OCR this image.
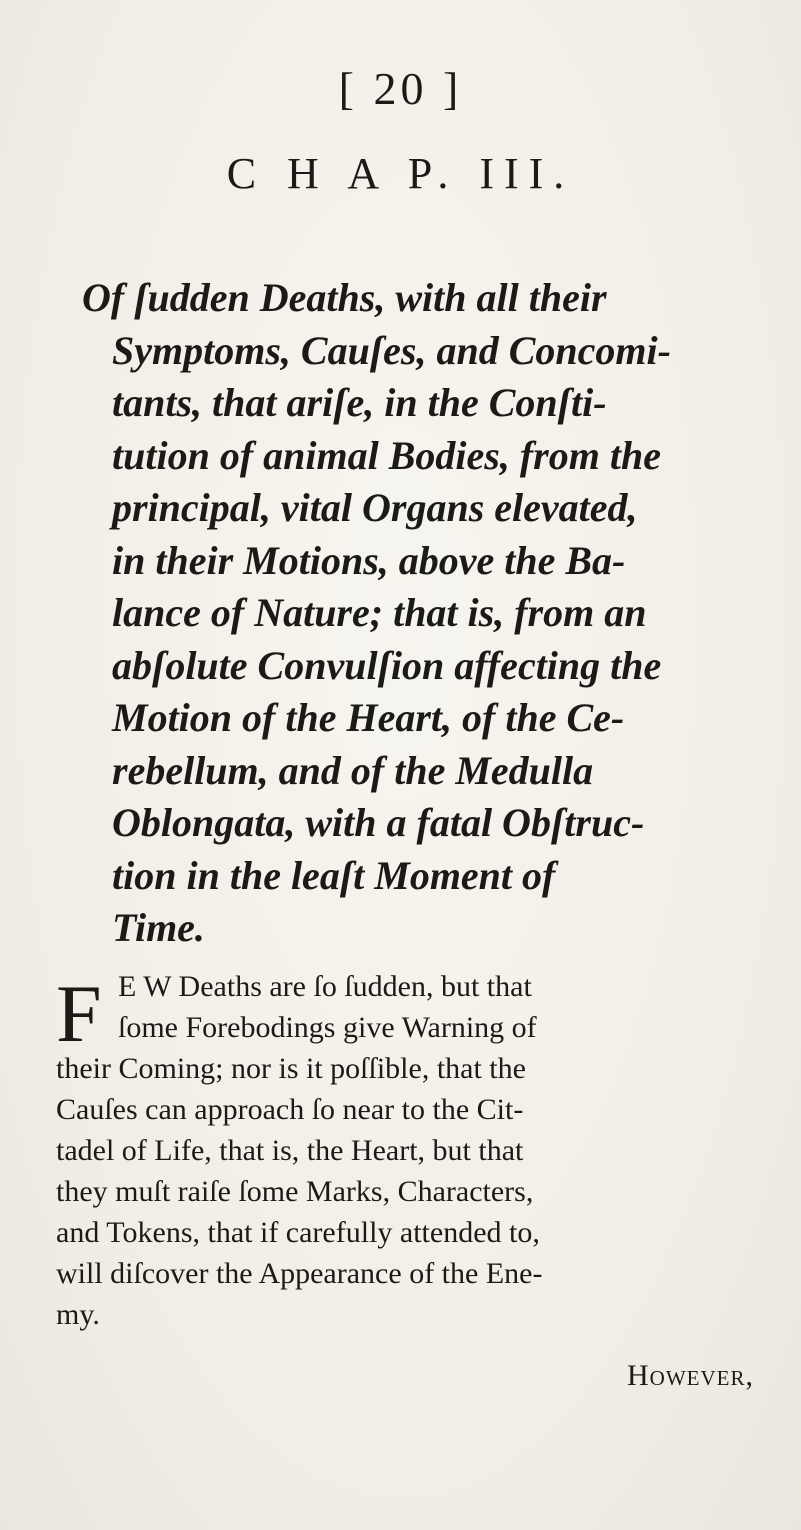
[ 20 ]
C H A P. III.
Of ſudden Deaths, with all their
Symptoms, Cauſes, and Concomi-
tants, that ariſe, in the Conſti-
tution of animal Bodies, from the
principal, vital Organs elevated,
in their Motions, above the Ba-
lance of Nature; that is, from an
abſolute Convulſion affecting the
Motion of the Heart, of the Ce-
rebellum, and of the Medulla
Oblongata, with a fatal Obſtruc-
tion in the leaſt Moment of
Time.
F E W Deaths are ſo ſudden, but that
ſome Forebodings give Warning of
their Coming; nor is it poſſible, that the
Cauſes can approach ſo near to the Cit-
tadel of Life, that is, the Heart, but that
they muſt raiſe ſome Marks, Characters,
and Tokens, that if carefully attended to,
will diſcover the Appearance of the Ene-
my.
However,
